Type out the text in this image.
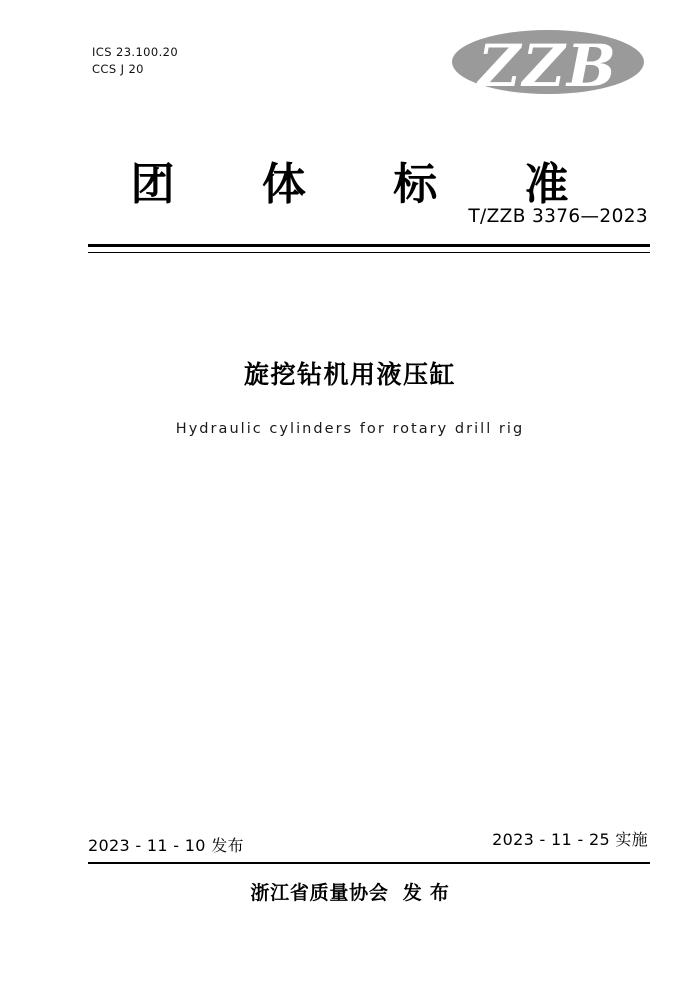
ICS 23.100.20
CCS J 20	ZZB
团 体 标 准
T/ZZB 3376—2023
旋挖钻机用液压缸
Hydraulic cylinders for rotary drill rig
2023 - 11 - 10 发布	2023 - 11 - 25 实施
浙江省质量协会 发 布
